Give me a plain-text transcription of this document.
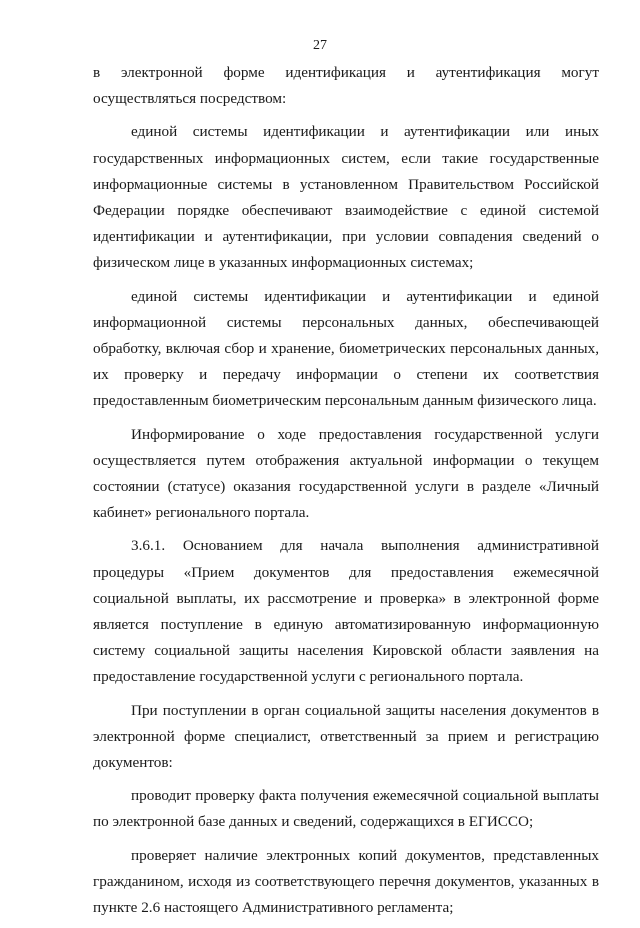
27

в электронной форме идентификация и аутентификация могут осуществляться посредством:

единой системы идентификации и аутентификации или иных государственных информационных систем, если такие государственные информационные системы в установленном Правительством Российской Федерации порядке обеспечивают взаимодействие с единой системой идентификации и аутентификации, при условии совпадения сведений о физическом лице в указанных информационных системах;

единой системы идентификации и аутентификации и единой информационной системы персональных данных, обеспечивающей обработку, включая сбор и хранение, биометрических персональных данных, их проверку и передачу информации о степени их соответствия предоставленным биометрическим персональным данным физического лица.

Информирование о ходе предоставления государственной услуги осуществляется путем отображения актуальной информации о текущем состоянии (статусе) оказания государственной услуги в разделе «Личный кабинет» регионального портала.

3.6.1. Основанием для начала выполнения административной процедуры «Прием документов для предоставления ежемесячной социальной выплаты, их рассмотрение и проверка» в электронной форме является поступление в единую автоматизированную информационную систему социальной защиты населения Кировской области заявления на предоставление государственной услуги с регионального портала.

При поступлении в орган социальной защиты населения документов в электронной форме специалист, ответственный за прием и регистрацию документов:

проводит проверку факта получения ежемесячной социальной выплаты по электронной базе данных и сведений, содержащихся в ЕГИССО;

проверяет наличие электронных копий документов, представленных гражданином, исходя из соответствующего перечня документов, указанных в пункте 2.6 настоящего Административного регламента;
